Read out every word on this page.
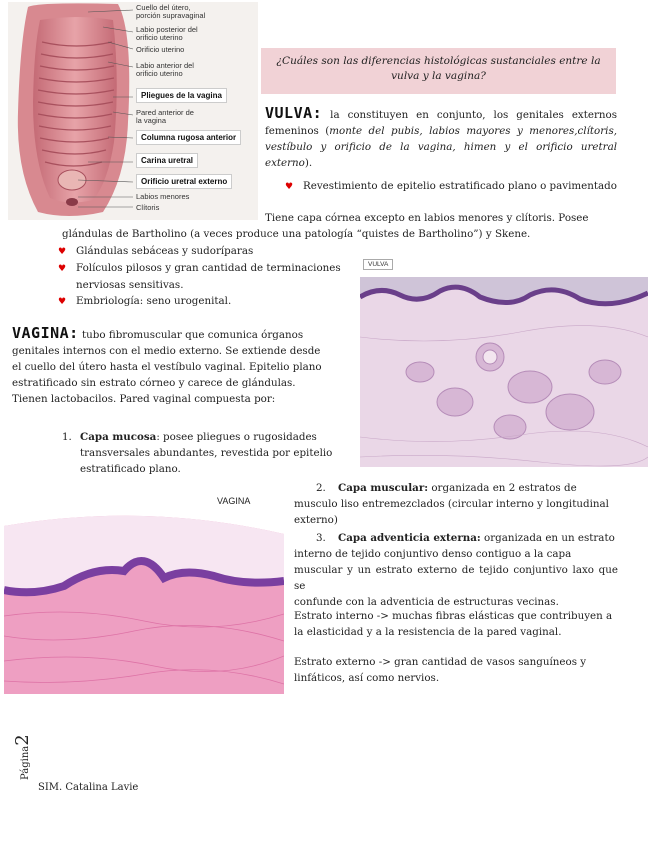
Cuello del útero,
porción supravaginal
Labio posterior del
orificio uterino
Orificio uterino
Labio anterior del
orificio uterino
Pliegues de la vagina
Pared anterior de
la vagina
Columna rugosa anterior
Carina uretral
Orificio uretral externo
Labios menores
Clítoris
¿Cuáles son las diferencias histológicas sustanciales entre la vulva y la vagina?
VULVA: la constituyen en conjunto, los genitales externos femeninos (monte del pubis, labios mayores y menores,clítoris, vestíbulo y orificio de la vagina, himen y el orificio uretral externo).
♥ Revestimiento de epitelio estratificado plano o pavimentado
Tiene capa córnea excepto en labios menores y clítoris. Posee
glándulas de Bartholino (a veces produce una patología “quistes de Bartholino”) y Skene.
♥ Glándulas sebáceas y sudoríparas
♥ Folículos pilosos y gran cantidad de terminaciones
nerviosas sensitivas.
♥ Embriología: seno urogenital.
VULVA
VAGINA: tubo fibromuscular que comunica órganos
genitales internos con el medio externo. Se extiende desde
el cuello del útero hasta el vestíbulo vaginal. Epitelio plano
estratificado sin estrato córneo y carece de glándulas.
Tienen lactobacilos. Pared vaginal compuesta por:
1. Capa mucosa: posee pliegues o rugosidades
transversales abundantes, revestida por epitelio
estratificado plano.
VAGINA
2. Capa muscular: organizada en 2 estratos de
musculo liso entremezclados (circular interno y longitudinal
externo)
3. Capa adventicia externa: organizada en un estrato
interno de tejido conjuntivo denso contiguo a la capa
muscular y un estrato externo de tejido conjuntivo laxo que se
confunde con la adventicia de estructuras vecinas.
Estrato interno -> muchas fibras elásticas que contribuyen a
la elasticidad y a la resistencia de la pared vaginal.
Estrato externo -> gran cantidad de vasos sanguíneos y
linfáticos, así como nervios.
Página2
SIM. Catalina Lavie
